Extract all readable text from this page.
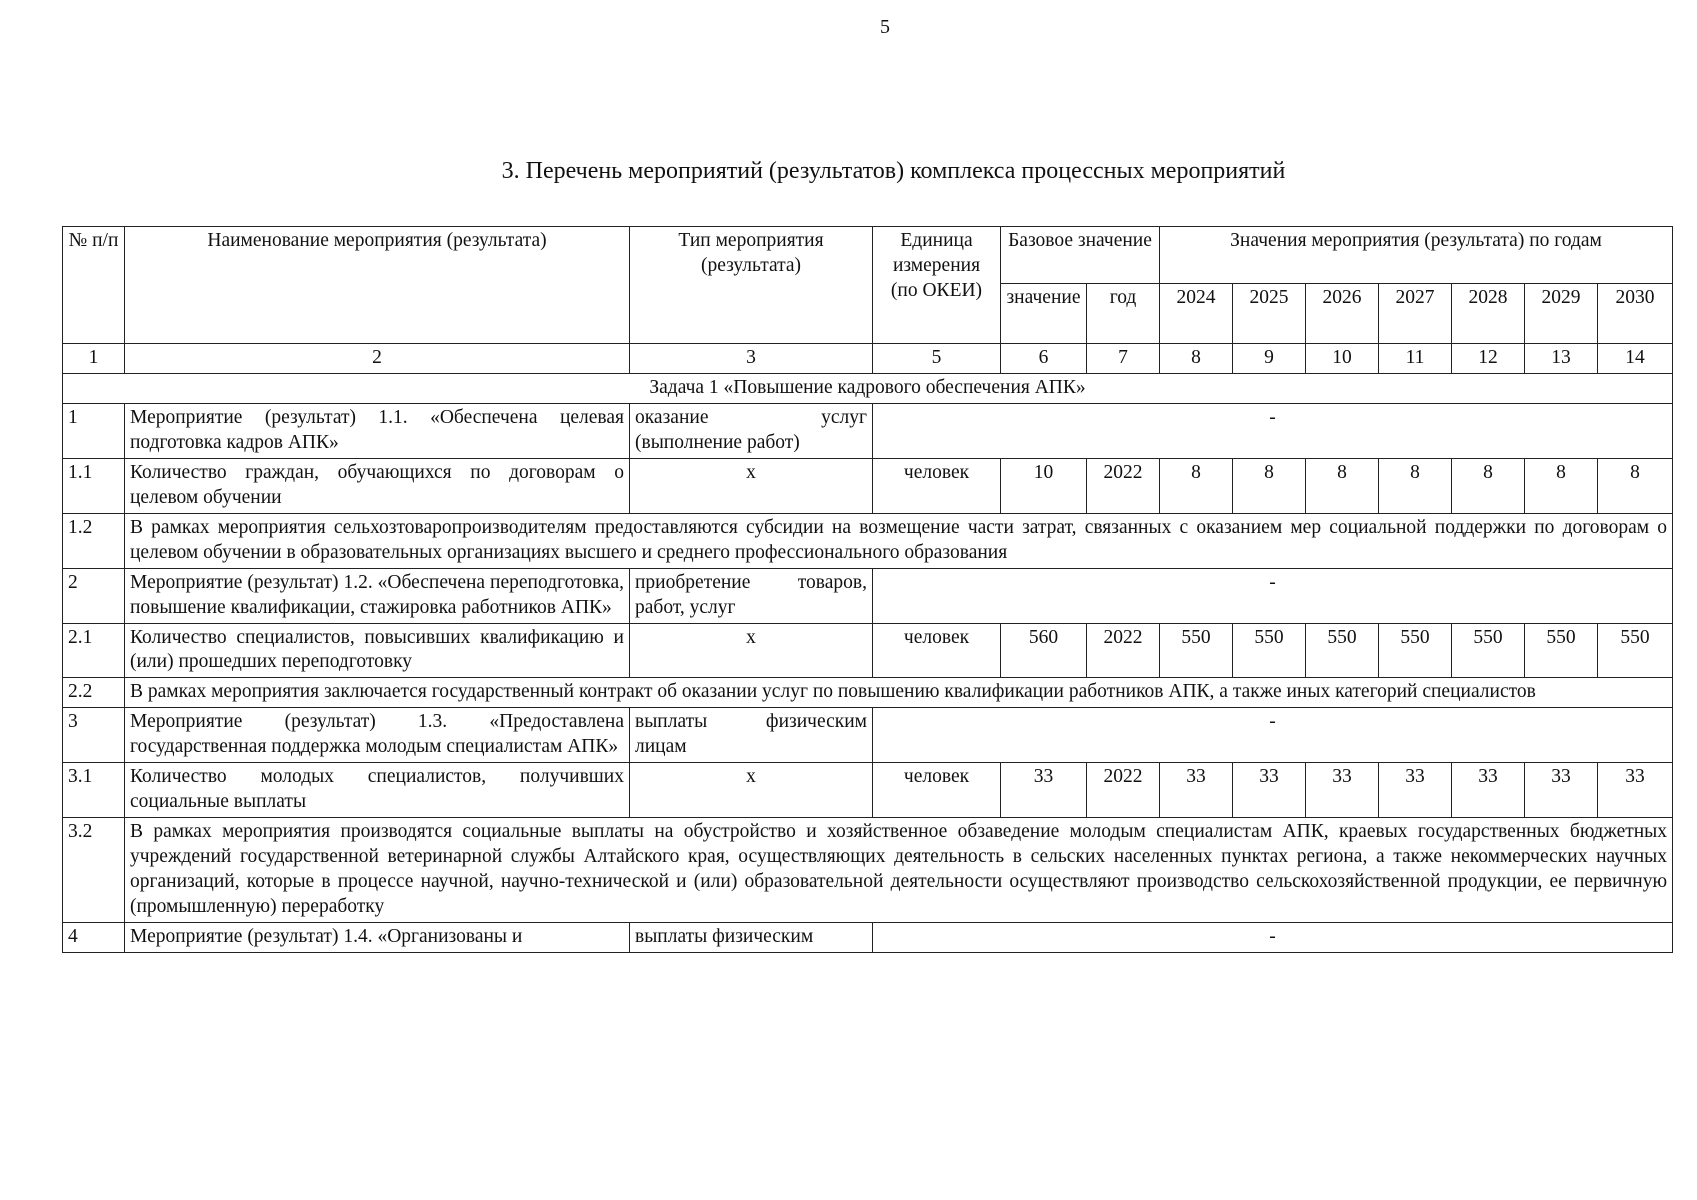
5
3. Перечень мероприятий (результатов) комплекса процессных мероприятий
№ п/п	Наименование мероприятия (результата)	Тип мероприятия (результата)	Единица измерения (по ОКЕИ)	Базовое значение		Значения мероприятия (результата) по годам						
				значение	год	2024	2025	2026	2027	2028	2029	2030
1	2	3	5	6	7	8	9	10	11	12	13	14
Задача 1 «Повышение кадрового обеспечения АПК»												
1	Мероприятие (результат) 1.1. «Обеспечена целевая подготовка кадров АПК»	оказание услуг (выполнение работ)	-									
1.1	Количество граждан, обучающихся по договорам о целевом обучении	х	человек	10	2022	8	8	8	8	8	8	8
1.2	В рамках мероприятия сельхозтоваропроизводителям предоставляются субсидии на возмещение части затрат, связанных с оказанием мер социальной поддержки по договорам о целевом обучении в образовательных организациях высшего и среднего профессионального образования											
2	Мероприятие (результат) 1.2. «Обеспечена переподготовка, повышение квалификации, стажировка работников АПК»	приобретение товаров, работ, услуг	-									
2.1	Количество специалистов, повысивших квалификацию и (или) прошедших переподготовку	х	человек	560	2022	550	550	550	550	550	550	550
2.2	В рамках мероприятия заключается государственный контракт об оказании услуг по повышению квалификации работников АПК, а также иных категорий специалистов											
3	Мероприятие (результат) 1.3. «Предоставлена государственная поддержка молодым специалистам АПК»	выплаты физическим лицам	-									
3.1	Количество молодых специалистов, получивших социальные выплаты	х	человек	33	2022	33	33	33	33	33	33	33
3.2	В рамках мероприятия производятся социальные выплаты на обустройство и хозяйственное обзаведение молодым специалистам АПК, краевых государственных бюджетных учреждений государственной ветеринарной службы Алтайского края, осуществляющих деятельность в сельских населенных пунктах региона, а также некоммерческих научных организаций, которые в процессе научной, научно-технической и (или) образовательной деятельности осуществляют производство сельскохозяйственной продукции, ее первичную (промышленную) переработку											
4	Мероприятие (результат) 1.4. «Организованы и	выплаты физическим	-									
